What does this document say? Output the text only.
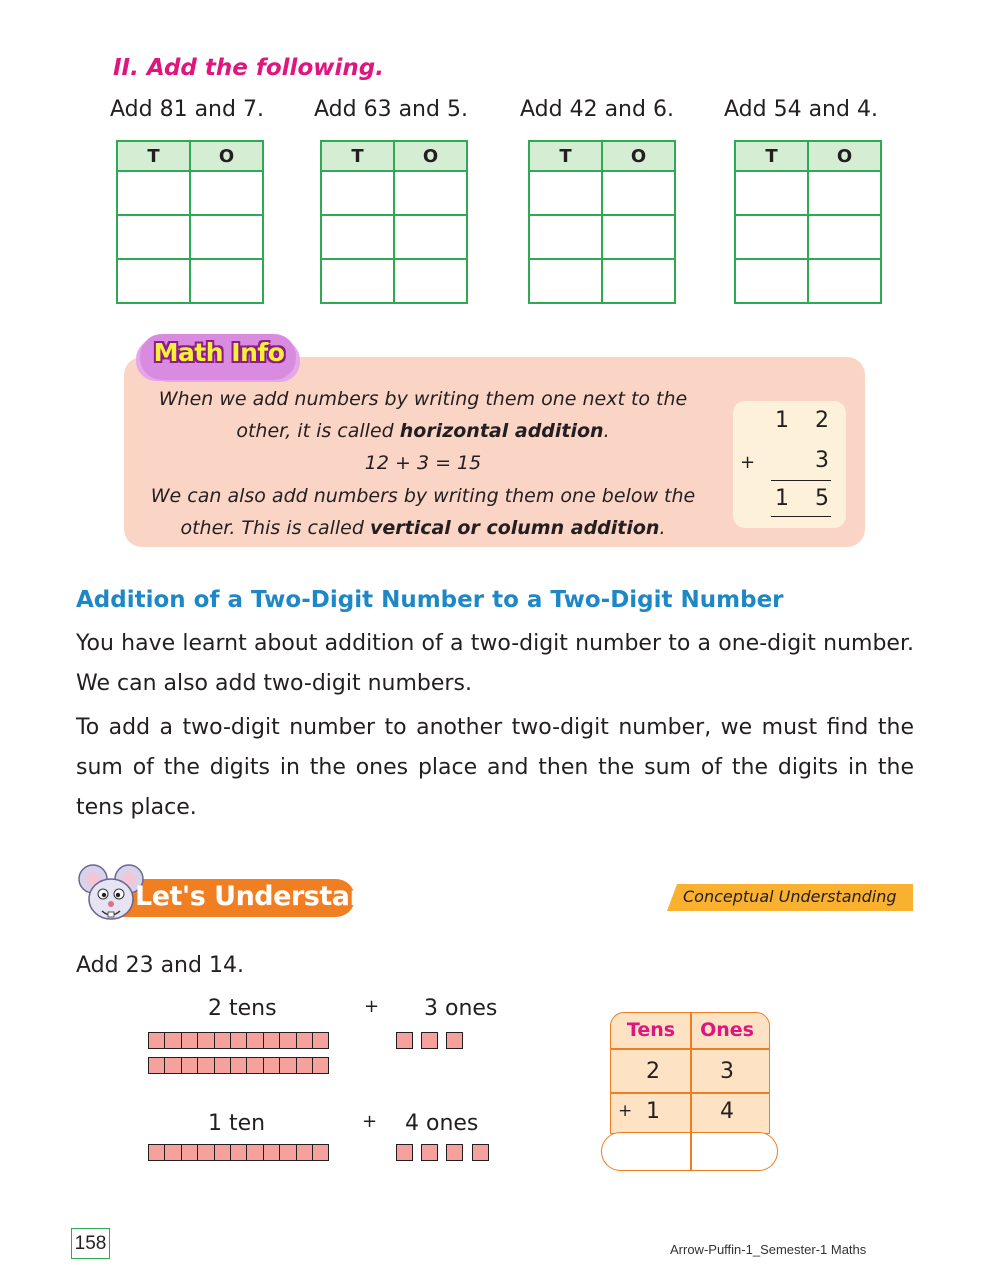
II. Add the following.
Add 81 and 7. Add 63 and 5. Add 42 and 6. Add 54 and 4.
T	O

		T	O

		T	O

		T	O

Math Info
When we add numbers by writing them one next to the
other, it is called horizontal addition.
12 + 3 = 15
We can also add numbers by writing them one below the
other. This is called vertical or column addition.
1 2
+	3
1 5
Addition of a Two-Digit Number to a Two-Digit Number
You have learnt about addition of a two-digit number to a one-digit number. We can also add two-digit numbers.
To add a two-digit number to another two-digit number, we must find the sum of the digits in the ones place and then the sum of the digits in the tens place.
Let's Understand	Conceptual Understanding
Add 23 and 14.
2 tens	+ 3 ones
1 ten	+ 4 ones
Tens	Ones
2	3
+ 1	4
158	Arrow-Puffin-1_Semester-1 Maths
